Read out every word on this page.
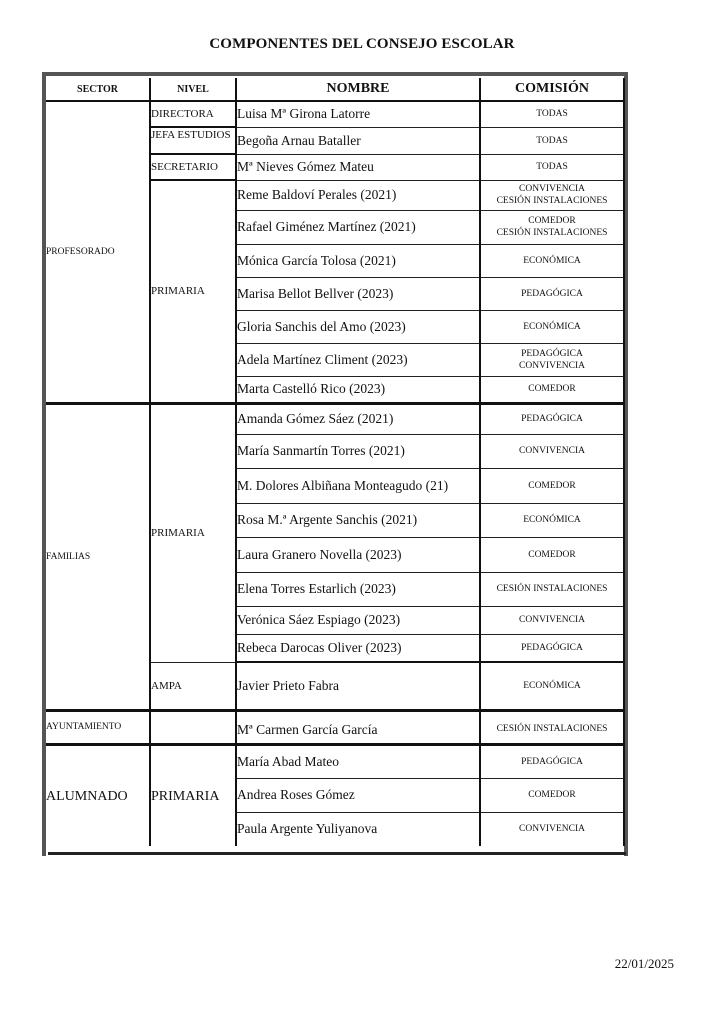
COMPONENTES DEL CONSEJO ESCOLAR
SECTOR	NIVEL	NOMBRE	COMISIÓN
PROFESORADO	DIRECTORA	Luisa Mª Girona Latorre	TODAS

	JEFA ESTUDIOS	Begoña Arnau Bataller	TODAS

	SECRETARIO	Mª Nieves Gómez Mateu	TODAS

	PRIMARIA	Reme Baldoví Perales (2021)	CONVIVENCIA
CESIÓN INSTALACIONES

		Rafael Giménez Martínez (2021)	COMEDOR
CESIÓN INSTALACIONES

		Mónica García Tolosa (2021)	ECONÓMICA

		Marisa Bellot Bellver (2023)	PEDAGÓGICA

		Gloria Sanchis del Amo (2023)	ECONÓMICA

		Adela Martínez Climent (2023)	PEDAGÓGICA
CONVIVENCIA

		Marta Castelló Rico (2023)	COMEDOR

FAMILIAS	PRIMARIA	Amanda Gómez Sáez (2021)	PEDAGÓGICA

		María Sanmartín Torres (2021)	CONVIVENCIA

		M. Dolores Albiñana Monteagudo (21)	COMEDOR

		Rosa M.ª Argente Sanchis (2021)	ECONÓMICA

		Laura Granero Novella (2023)	COMEDOR

		Elena Torres Estarlich (2023)	CESIÓN INSTALACIONES

		Verónica Sáez Espiago (2023)	CONVIVENCIA

		Rebeca Darocas Oliver (2023)	PEDAGÓGICA

	AMPA	Javier Prieto Fabra	ECONÓMICA

AYUNTAMIENTO		Mª Carmen García García	CESIÓN INSTALACIONES

ALUMNADO	PRIMARIA	María Abad Mateo	PEDAGÓGICA

		Andrea Roses Gómez	COMEDOR

		Paula Argente Yuliyanova	CONVIVENCIA
22/01/2025
